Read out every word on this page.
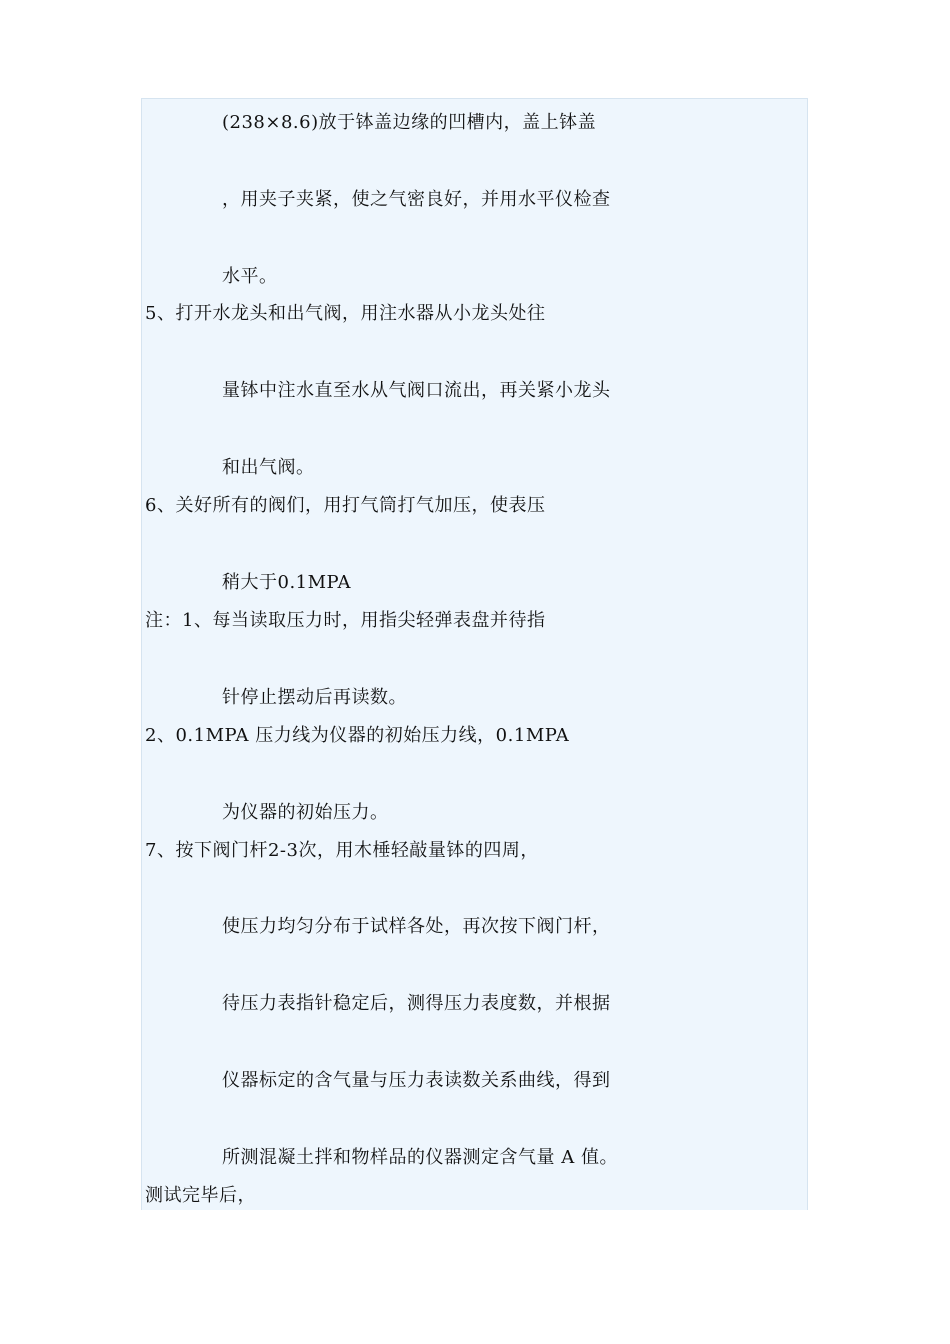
(238×8.6)放于钵盖边缘的凹槽内，盖上钵盖
，用夹子夹紧，使之气密良好，并用水平仪检查
水平。
5、打开水龙头和出气阀，用注水器从小龙头处往
量钵中注水直至水从气阀口流出，再关紧小龙头
和出气阀。
6、关好所有的阀们，用打气筒打气加压，使表压
稍大于0.1MPA
注：1、每当读取压力时，用指尖轻弹表盘并待指
针停止摆动后再读数。
2、0.1MPA 压力线为仪器的初始压力线，0.1MPA
为仪器的初始压力。
7、按下阀门杆2-3次，用木棰轻敲量钵的四周，
使压力均匀分布于试样各处，再次按下阀门杆，
待压力表指针稳定后，测得压力表度数，并根据
仪器标定的含气量与压力表读数关系曲线，得到
所测混凝土拌和物样品的仪器测定含气量 A 值。
测试完毕后，
